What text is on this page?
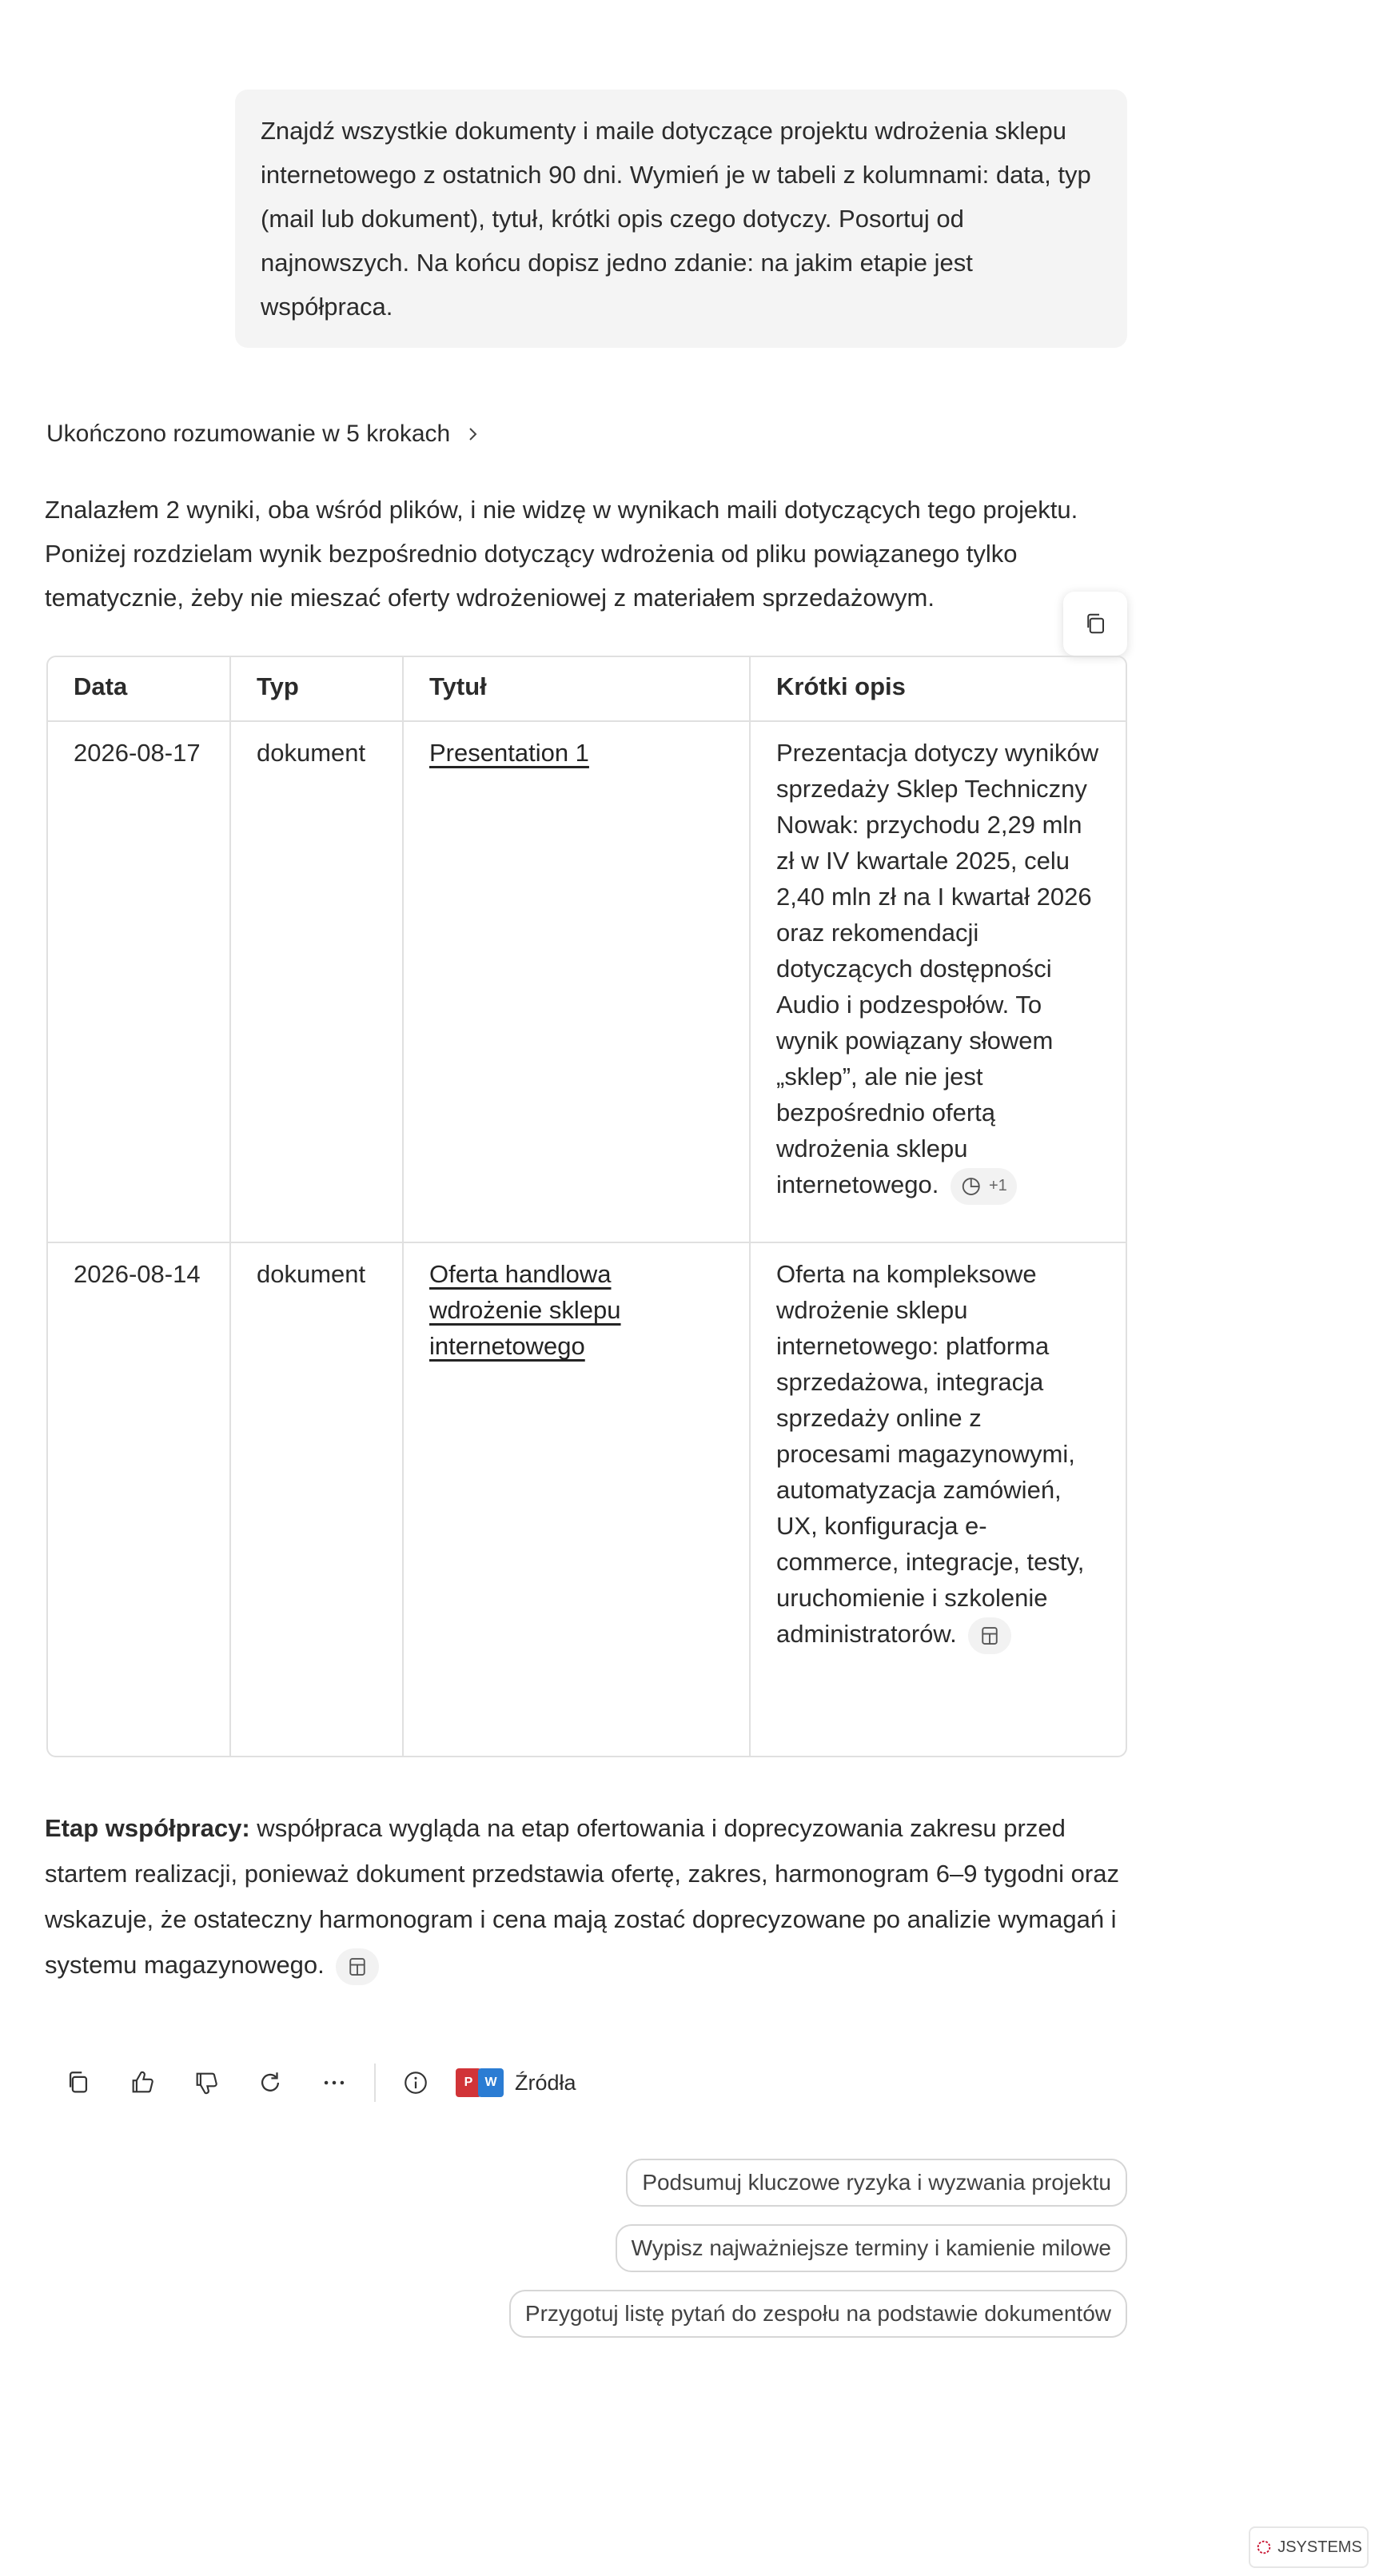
Znajdź wszystkie dokumenty i maile dotyczące projektu wdrożenia sklepu internetowego z ostatnich 90 dni. Wymień je w tabeli z kolumnami: data, typ (mail lub dokument), tytuł, krótki opis czego dotyczy. Posortuj od najnowszych. Na końcu dopisz jedno zdanie: na jakim etapie jest współpraca.
Ukończono rozumowanie w 5 krokach
Znalazłem 2 wyniki, oba wśród plików, i nie widzę w wynikach maili dotyczących tego projektu. Poniżej rozdzielam wynik bezpośrednio dotyczący wdrożenia od pliku powiązanego tylko tematycznie, żeby nie mieszać oferty wdrożeniowej z materiałem sprzedażowym.
Data	Typ	Tytuł	Krótki opis
2026-08-17	dokument	Presentation 1	Prezentacja dotyczy wyników sprzedaży Sklep Techniczny Nowak: przychodu 2,29 mln zł w IV kwartale 2025, celu 2,40 mln zł na I kwartał 2026 oraz rekomendacji dotyczących dostępności Audio i podzespołów. To wynik powiązany słowem „sklep”, ale nie jest bezpośrednio ofertą wdrożenia sklepu internetowego. +1

2026-08-14	dokument	Oferta handlowa wdrożenie sklepu internetowego	Oferta na kompleksowe wdrożenie sklepu internetowego: platforma sprzedażowa, integracja sprzedaży online z procesami magazynowymi, automatyzacja zamówień, UX, konfiguracja e-commerce, integracje, testy, uruchomienie i szkolenie administratorów.
Etap współpracy: współpraca wygląda na etap ofertowania i doprecyzowania zakresu przed startem realizacji, ponieważ dokument przedstawia ofertę, zakres, harmonogram 6–9 tygodni oraz wskazuje, że ostateczny harmonogram i cena mają zostać doprecyzowane po analizie wymagań i systemu magazynowego.
P W Źródła
Podsumuj kluczowe ryzyka i wyzwania projektu
Wypisz najważniejsze terminy i kamienie milowe
Przygotuj listę pytań do zespołu na podstawie dokumentów
JSYSTEMS
